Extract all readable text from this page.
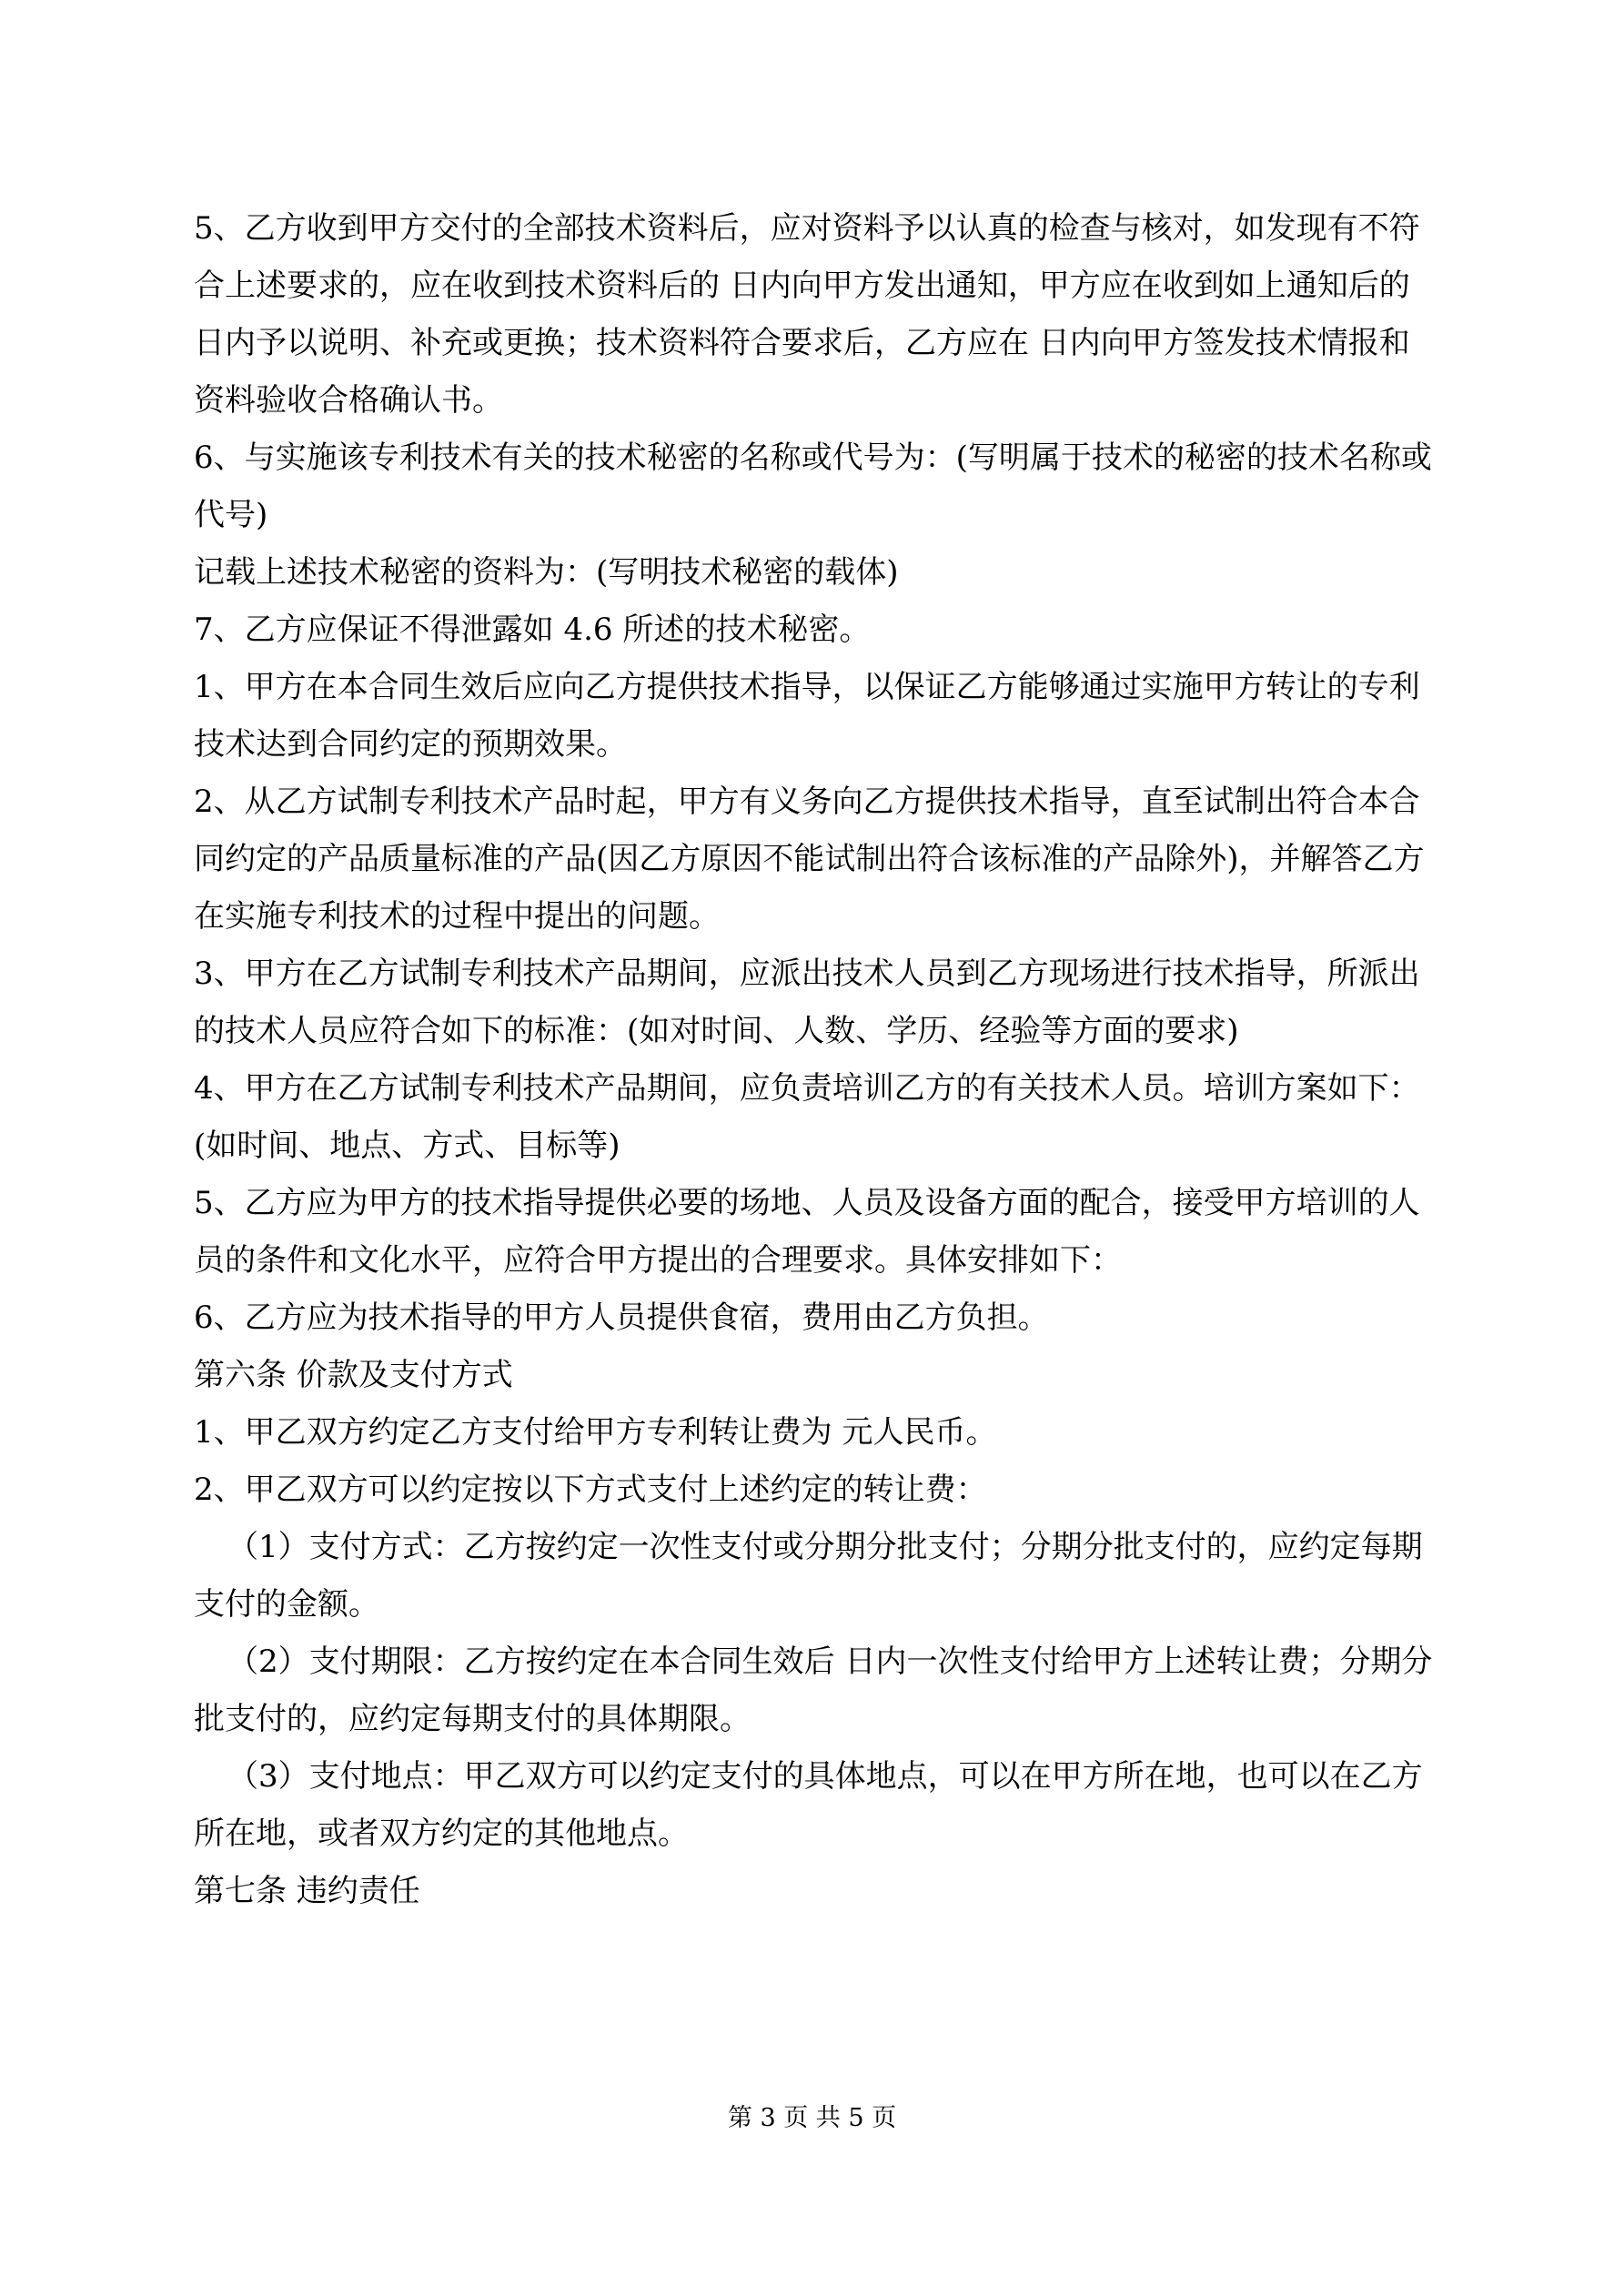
5、乙方收到甲方交付的全部技术资料后，应对资料予以认真的检查与核对，如发现有不符合上述要求的，应在收到技术资料后的 日内向甲方发出通知，甲方应在收到如上通知后的 日内予以说明、补充或更换；技术资料符合要求后，乙方应在 日内向甲方签发技术情报和资料验收合格确认书。

6、与实施该专利技术有关的技术秘密的名称或代号为：(写明属于技术的秘密的技术名称或代号)

记载上述技术秘密的资料为：(写明技术秘密的载体)

7、乙方应保证不得泄露如 4.6 所述的技术秘密。

1、甲方在本合同生效后应向乙方提供技术指导，以保证乙方能够通过实施甲方转让的专利技术达到合同约定的预期效果。

2、从乙方试制专利技术产品时起，甲方有义务向乙方提供技术指导，直至试制出符合本合同约定的产品质量标准的产品(因乙方原因不能试制出符合该标准的产品除外)，并解答乙方在实施专利技术的过程中提出的问题。

3、甲方在乙方试制专利技术产品期间，应派出技术人员到乙方现场进行技术指导，所派出的技术人员应符合如下的标准：(如对时间、人数、学历、经验等方面的要求)

4、甲方在乙方试制专利技术产品期间，应负责培训乙方的有关技术人员。培训方案如下：(如时间、地点、方式、目标等)

5、乙方应为甲方的技术指导提供必要的场地、人员及设备方面的配合，接受甲方培训的人员的条件和文化水平，应符合甲方提出的合理要求。具体安排如下：

6、乙方应为技术指导的甲方人员提供食宿，费用由乙方负担。

第六条 价款及支付方式

1、甲乙双方约定乙方支付给甲方专利转让费为 元人民币。

2、甲乙双方可以约定按以下方式支付上述约定的转让费：

（1）支付方式：乙方按约定一次性支付或分期分批支付；分期分批支付的，应约定每期支付的金额。

（2）支付期限：乙方按约定在本合同生效后 日内一次性支付给甲方上述转让费；分期分批支付的，应约定每期支付的具体期限。

（3）支付地点：甲乙双方可以约定支付的具体地点，可以在甲方所在地，也可以在乙方所在地，或者双方约定的其他地点。

第七条 违约责任

第 3 页 共 5 页
